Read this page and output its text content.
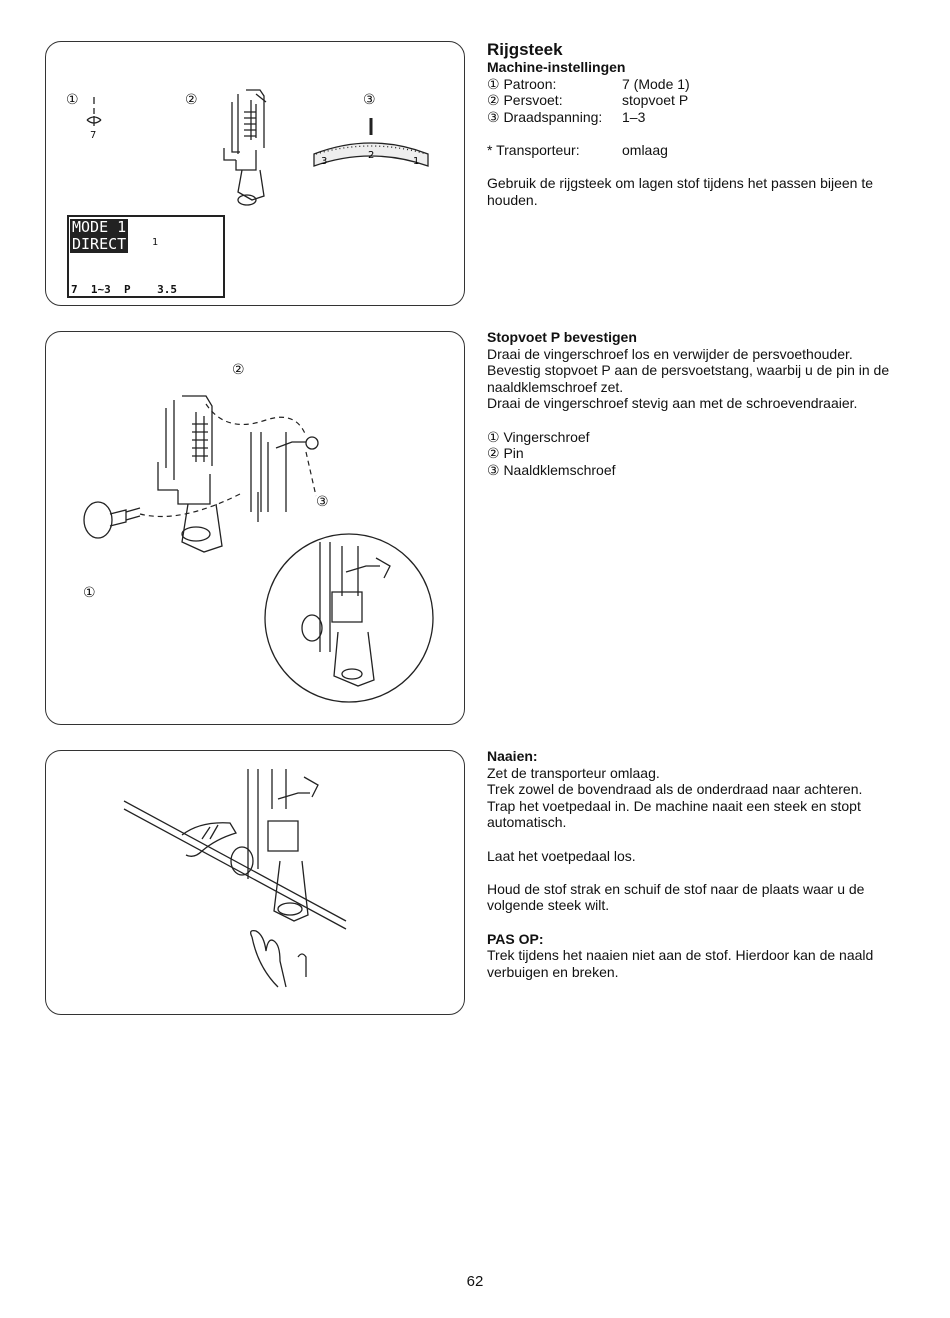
3
2
1
①	②	③
7
MODE 1
DIRECT	1
7  1~3  P    3.5

Rijgsteek

Machine-instellingen

① Patroon:	7 (Mode 1)
② Persvoet:	stopvoet P
③ Draadspanning:	1–3
* Transporteur:	omlaag

Gebruik de rijgsteek om lagen stof tijdens het passen bijeen te houden.

②
③
①

Stopvoet P bevestigen

Draai de vingerschroef los en verwijder de persvoethouder.

Bevestig stopvoet P aan de persvoetstang, waarbij u de pin in de naaldklemschroef zet.

Draai de vingerschroef stevig aan met de schroevendraaier.

① Vingerschroef

② Pin

③ Naaldklemschroef

Naaien:

Zet de transporteur omlaag.

Trek zowel de bovendraad als de onderdraad naar achteren.

Trap het voetpedaal in. De machine naait een steek en stopt automatisch.

Laat het voetpedaal los.

Houd de stof strak en schuif de stof naar de plaats waar u de volgende steek wilt.

PAS OP:

Trek tijdens het naaien niet aan de stof. Hierdoor kan de naald verbuigen en breken.

62
